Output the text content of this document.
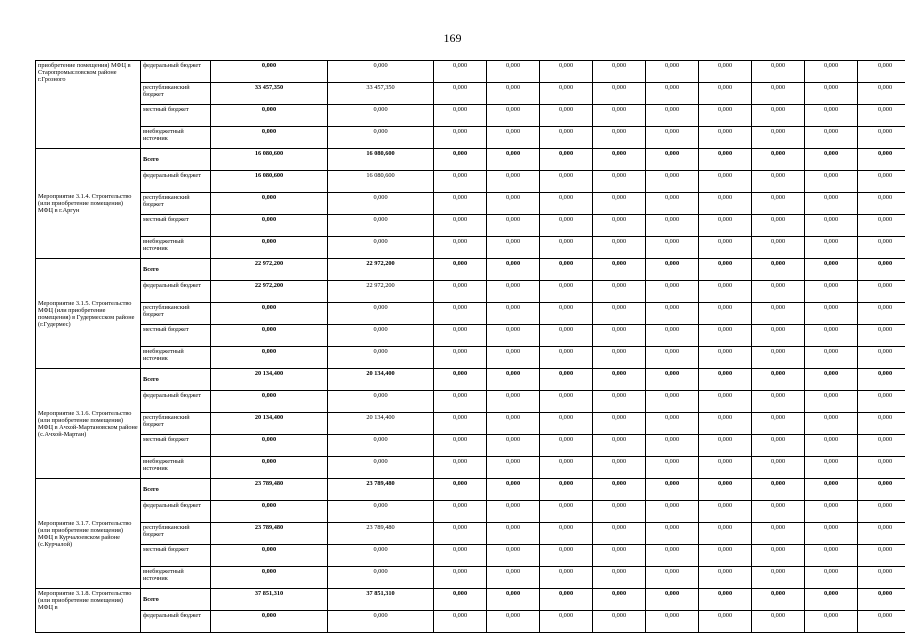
169
приобретение помещения) МФЦ в Старопромысловском районе г.Грозного	федеральный бюджет	0,000	0,000	0,000	0,000	0,000	0,000	0,000	0,000	0,000	0,000	0,000	
	республиканский бюджет	33 457,350	33 457,350	0,000	0,000	0,000	0,000	0,000	0,000	0,000	0,000	0,000	
	местный бюджет	0,000	0,000	0,000	0,000	0,000	0,000	0,000	0,000	0,000	0,000	0,000	
	внебюджетный источник	0,000	0,000	0,000	0,000	0,000	0,000	0,000	0,000	0,000	0,000	0,000	
Мероприятие 3.1.4. Строительство (или приобретение помещения) МФЦ в г.Аргун	Всего	16 080,600	16 080,600	0,000	0,000	0,000	0,000	0,000	0,000	0,000	0,000	0,000	
	федеральный бюджет	16 080,600	16 080,600	0,000	0,000	0,000	0,000	0,000	0,000	0,000	0,000	0,000	
	республиканский бюджет	0,000	0,000	0,000	0,000	0,000	0,000	0,000	0,000	0,000	0,000	0,000	
	местный бюджет	0,000	0,000	0,000	0,000	0,000	0,000	0,000	0,000	0,000	0,000	0,000	
	внебюджетный источник	0,000	0,000	0,000	0,000	0,000	0,000	0,000	0,000	0,000	0,000	0,000	
Мероприятие 3.1.5. Строительство МФЦ (или приобретение помещения) в Гудермесском районе (г.Гудермес)	Всего	22 972,200	22 972,200	0,000	0,000	0,000	0,000	0,000	0,000	0,000	0,000	0,000	
	федеральный бюджет	22 972,200	22 972,200	0,000	0,000	0,000	0,000	0,000	0,000	0,000	0,000	0,000	
	республиканский бюджет	0,000	0,000	0,000	0,000	0,000	0,000	0,000	0,000	0,000	0,000	0,000	
	местный бюджет	0,000	0,000	0,000	0,000	0,000	0,000	0,000	0,000	0,000	0,000	0,000	
	внебюджетный источник	0,000	0,000	0,000	0,000	0,000	0,000	0,000	0,000	0,000	0,000	0,000	
Мероприятие 3.1.6. Строительство (или приобретение помещения) МФЦ в Ачхой-Мартановском районе (с.Ачхой-Мартан)	Всего	20 134,400	20 134,400	0,000	0,000	0,000	0,000	0,000	0,000	0,000	0,000	0,000	
	федеральный бюджет	0,000	0,000	0,000	0,000	0,000	0,000	0,000	0,000	0,000	0,000	0,000	
	республиканский бюджет	20 134,400	20 134,400	0,000	0,000	0,000	0,000	0,000	0,000	0,000	0,000	0,000	
	местный бюджет	0,000	0,000	0,000	0,000	0,000	0,000	0,000	0,000	0,000	0,000	0,000	
	внебюджетный источник	0,000	0,000	0,000	0,000	0,000	0,000	0,000	0,000	0,000	0,000	0,000	
Мероприятие 3.1.7. Строительство (или приобретение помещения) МФЦ в Курчалоевском районе (с.Курчалой)	Всего	23 789,480	23 789,480	0,000	0,000	0,000	0,000	0,000	0,000	0,000	0,000	0,000	
	федеральный бюджет	0,000	0,000	0,000	0,000	0,000	0,000	0,000	0,000	0,000	0,000	0,000	
	республиканский бюджет	23 789,480	23 789,480	0,000	0,000	0,000	0,000	0,000	0,000	0,000	0,000	0,000	
	местный бюджет	0,000	0,000	0,000	0,000	0,000	0,000	0,000	0,000	0,000	0,000	0,000	
	внебюджетный источник	0,000	0,000	0,000	0,000	0,000	0,000	0,000	0,000	0,000	0,000	0,000	
Мероприятие 3.1.8. Строительство (или приобретение помещения) МФЦ в	Всего	37 851,310	37 851,310	0,000	0,000	0,000	0,000	0,000	0,000	0,000	0,000	0,000	
	федеральный бюджет	0,000	0,000	0,000	0,000	0,000	0,000	0,000	0,000	0,000	0,000	0,000	
